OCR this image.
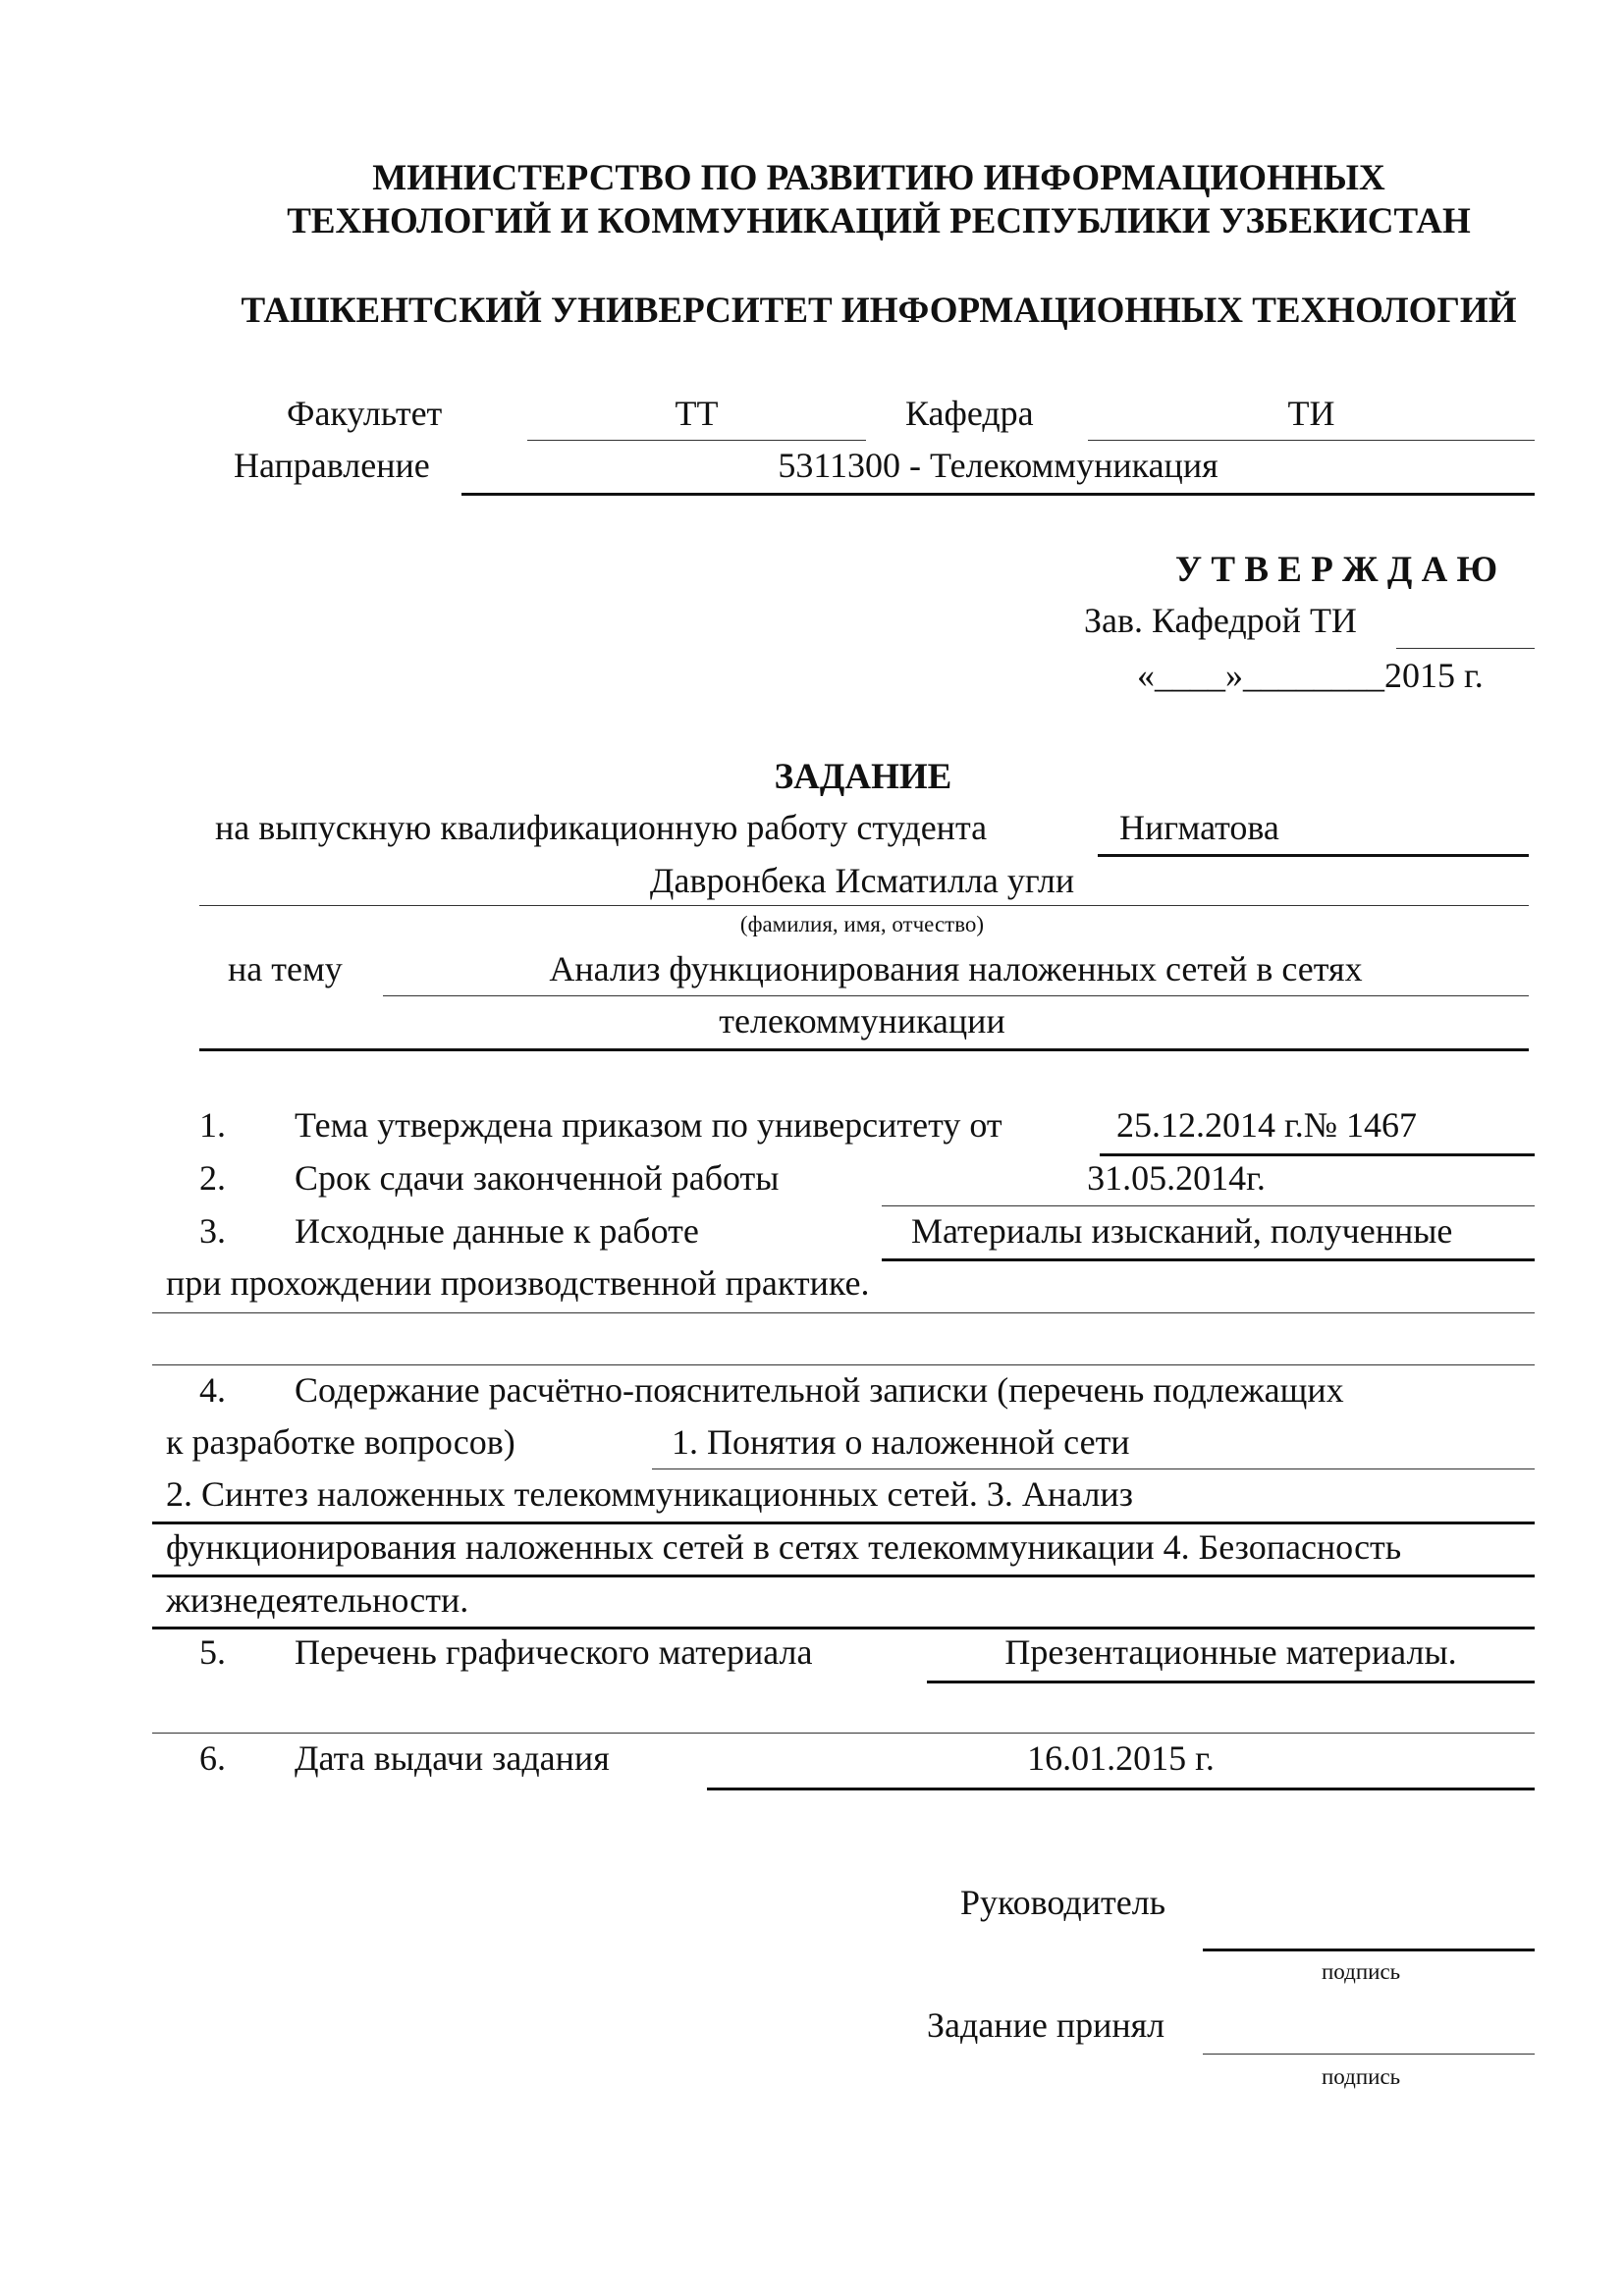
МИНИСТЕРСТВО ПО РАЗВИТИЮ ИНФОРМАЦИОННЫХ
ТЕХНОЛОГИЙ И КОММУНИКАЦИЙ РЕСПУБЛИКИ УЗБЕКИСТАН
ТАШКЕНТСКИЙ УНИВЕРСИТЕТ ИНФОРМАЦИОННЫХ ТЕХНОЛОГИЙ
Факультет	ТТ	Кафедра	ТИ
Направление	5311300 - Телекоммуникация
У Т В Е Р Ж Д А Ю
Зав. Кафедрой ТИ
«____»________2015 г.
ЗАДАНИЕ
на выпускную квалификационную работу студента	Нигматова
Давронбека Исматилла угли
(фамилия, имя, отчество)
на тему	Анализ функционирования наложенных сетей в сетях
телекоммуникации
1. Тема утверждена приказом по университету от	25.12.2014 г.№ 1467
2. Срок сдачи законченной работы	31.05.2014г.
3. Исходные данные к работе	Материалы изысканий, полученные
при прохождении производственной практике.
4. Содержание расчётно-пояснительной записки (перечень подлежащих
к разработке вопросов)	1. Понятия о наложенной сети
2. Синтез наложенных телекоммуникационных сетей. 3. Анализ
функционирования наложенных сетей в сетях телекоммуникации 4. Безопасность
жизнедеятельности.
5. Перечень графического материала	Презентационные материалы.
6. Дата выдачи задания	16.01.2015 г.
Руководитель
подпись
Задание принял
подпись
